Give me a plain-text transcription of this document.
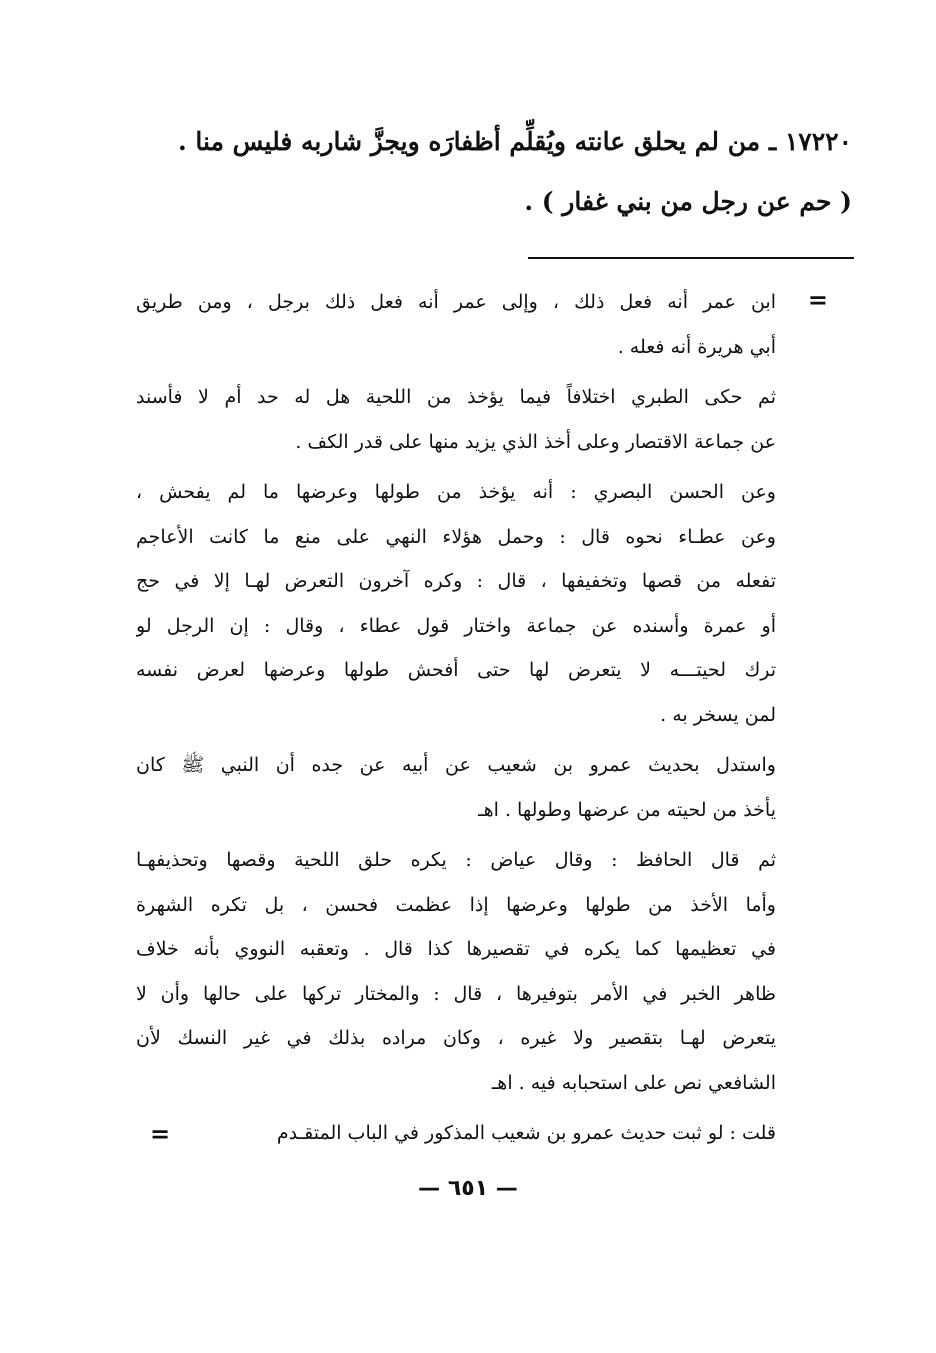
١٧٢٢٠ ـ من لم يحلق عانته ويُقلِّم أظفارَه ويجزَّ شاربه فليس منا .
( حم عن رجل من بني غفار ) .
=
ابن عمر أنه فعل ذلك ، وإلى عمر أنه فعل ذلك برجل ، ومن طريق
أبي هريرة أنه فعله .
ثم حكى الطبري اختلافاً فيما يؤخذ من اللحية هل له حد أم لا فأسند
عن جماعة الاقتصار وعلى أخذ الذي يزيد منها على قدر الكف .
وعن الحسن البصري : أنه يؤخذ من طولها وعرضها ما لم يفحش ،
وعن عطـاء نحوه قال : وحمل هؤلاء النهي على منع ما كانت الأعاجم
تفعله من قصها وتخفيفها ، قال : وكره آخرون التعرض لهـا إلا في حج
أو عمرة وأسنده عن جماعة واختار قول عطاء ، وقال : إن الرجل لو
ترك لحيتـــه لا يتعرض لها حتى أفحش طولها وعرضها لعرض نفسه
لمن يسخر به .
واستدل بحديث عمرو بن شعيب عن أبيه عن جده أن النبي ﷺ كان
يأخذ من لحيته من عرضها وطولها . اهـ
ثم قال الحافظ : وقال عياض : يكره حلق اللحية وقصها وتحذيفهـا
وأما الأخذ من طولها وعرضها إذا عظمت فحسن ، بل تكره الشهرة
في تعظيمها كما يكره في تقصيرها كذا قال . وتعقبه النووي بأنه خلاف
ظاهر الخبر في الأمر بتوفيرها ، قال : والمختار تركها على حالها وأن لا
يتعرض لهـا بتقصير ولا غيره ، وكان مراده بذلك في غير النسك لأن
الشافعي نص على استحبابه فيه . اهـ
قلت : لو ثبت حديث عمرو بن شعيب المذكور في الباب المتقـدم
=
— ٦٥١ —
